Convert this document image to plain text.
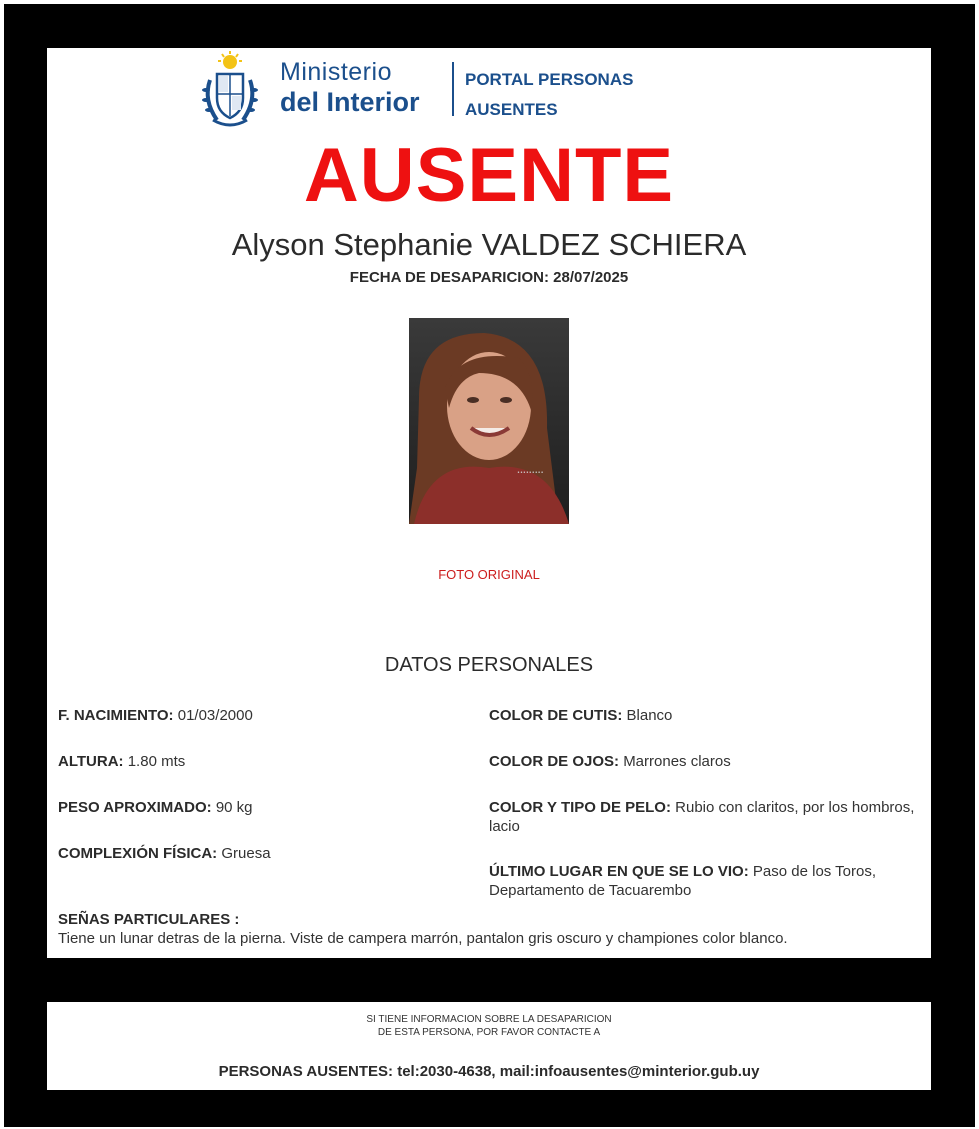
Ministerio
del Interior
PORTAL PERSONAS
AUSENTES
AUSENTE
Alyson Stephanie VALDEZ SCHIERA
FECHA DE DESAPARICION: 28/07/2025
•••••••••
FOTO ORIGINAL
DATOS PERSONALES
F. NACIMIENTO: 01/03/2000
ALTURA: 1.80 mts
PESO APROXIMADO: 90 kg
COMPLEXIÓN FÍSICA: Gruesa
COLOR DE CUTIS: Blanco
COLOR DE OJOS: Marrones claros
COLOR Y TIPO DE PELO: Rubio con claritos, por los hombros, lacio
ÚLTIMO LUGAR EN QUE SE LO VIO: Paso de los Toros, Departamento de Tacuarembo
SEÑAS PARTICULARES :
Tiene un lunar detras de la pierna. Viste de campera marrón, pantalon gris oscuro y championes color blanco.
SI TIENE INFORMACION SOBRE LA DESAPARICION
DE ESTA PERSONA, POR FAVOR CONTACTE A
PERSONAS AUSENTES: tel:2030-4638, mail:infoausentes@minterior.gub.uy
